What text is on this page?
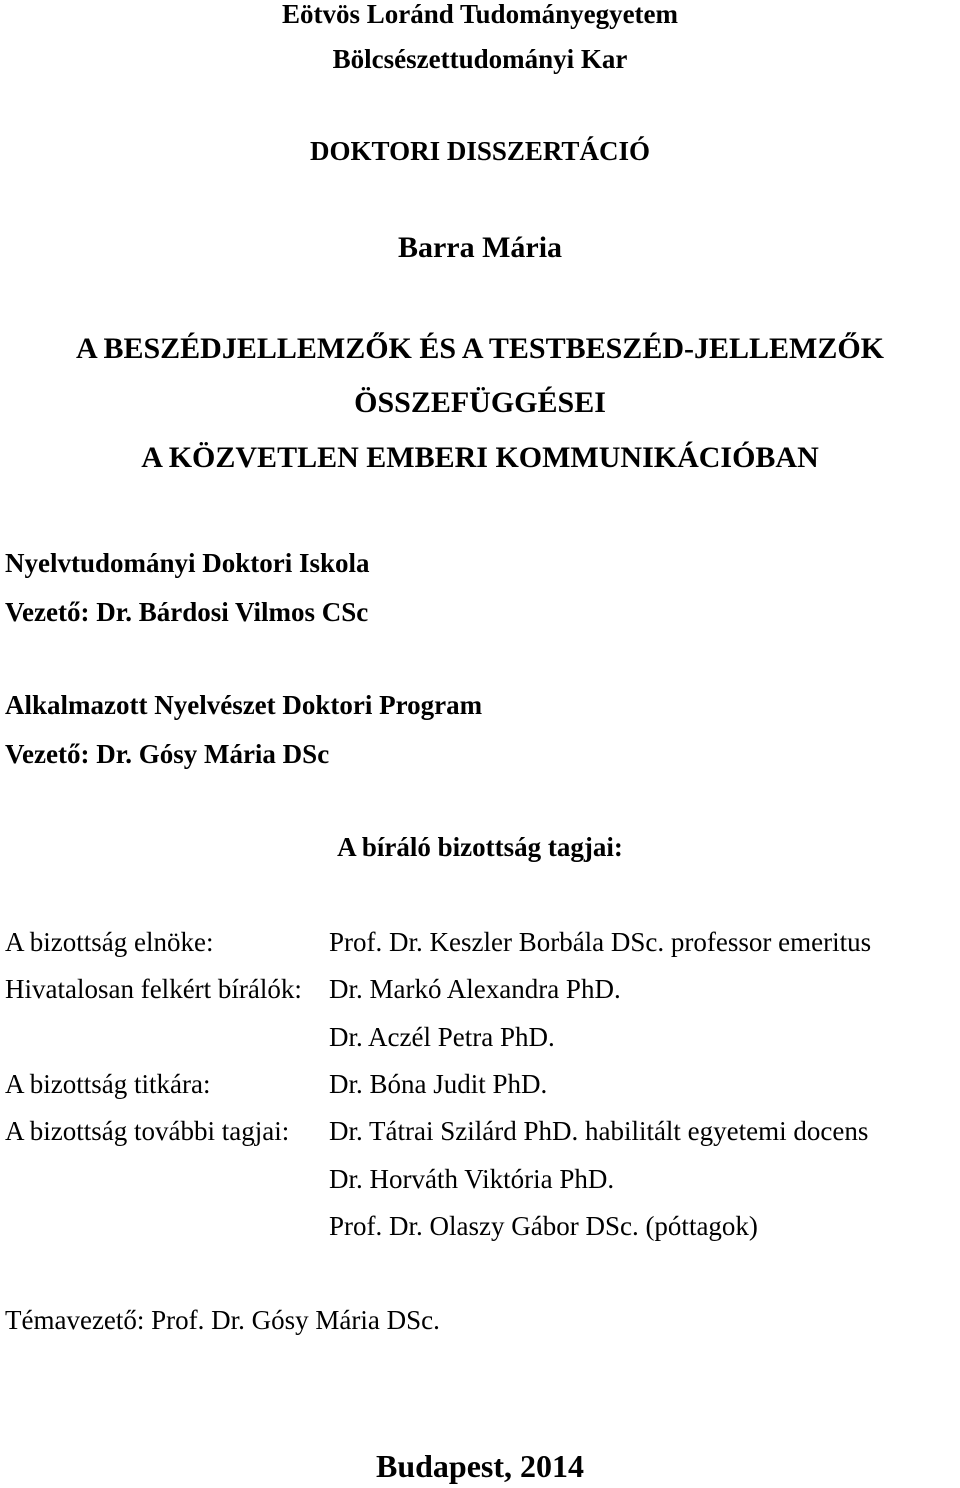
Eötvös Loránd Tudományegyetem
Bölcsészettudományi Kar
DOKTORI DISSZERTÁCIÓ
Barra Mária
A BESZÉDJELLEMZŐK ÉS A TESTBESZÉD-JELLEMZŐK
ÖSSZEFÜGGÉSEI
A KÖZVETLEN EMBERI KOMMUNIKÁCIÓBAN
Nyelvtudományi Doktori Iskola
Vezető: Dr. Bárdosi Vilmos CSc
Alkalmazott Nyelvészet Doktori Program
Vezető: Dr. Gósy Mária DSc
A bíráló bizottság tagjai:
A bizottság elnöke:	Prof. Dr. Keszler Borbála DSc. professor emeritus
Hivatalosan felkért bírálók: Dr. Markó Alexandra PhD.
Dr. Aczél Petra PhD.
A bizottság titkára:	Dr. Bóna Judit PhD.
A bizottság további tagjai: Dr. Tátrai Szilárd PhD. habilitált egyetemi docens
Dr. Horváth Viktória PhD.
Prof. Dr. Olaszy Gábor DSc. (póttagok)
Témavezető: Prof. Dr. Gósy Mária DSc.
Budapest, 2014
